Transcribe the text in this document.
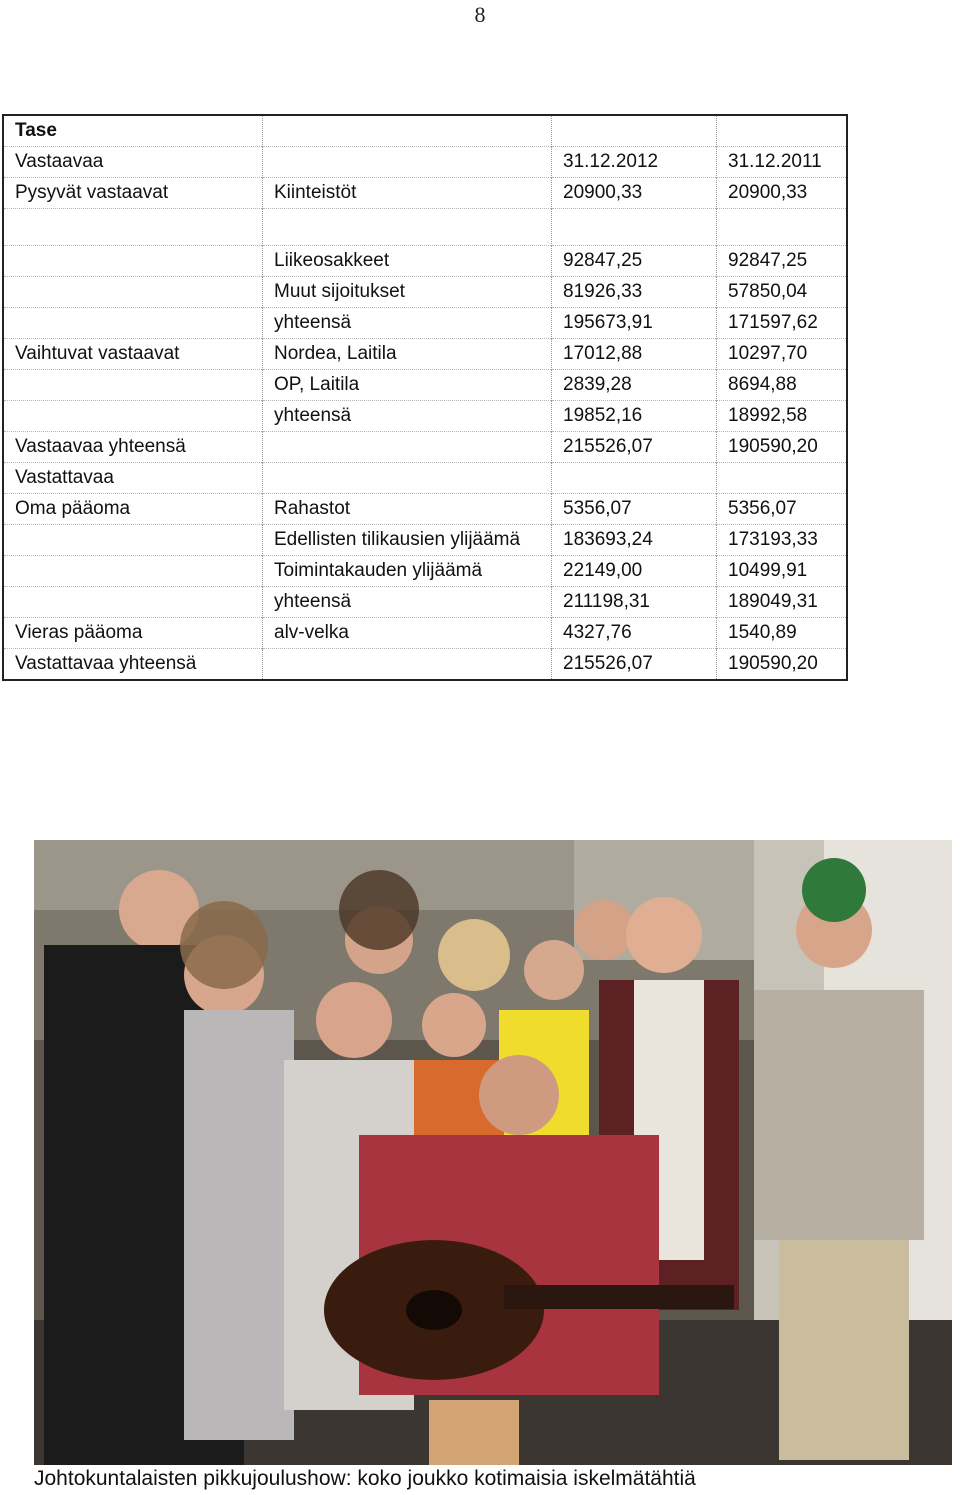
8
Tase			
Vastaavaa		31.12.2012	31.12.2011
Pysyvät vastaavat	Kiinteistöt	20900,33	20900,33

	Liikeosakkeet	92847,25	92847,25
	Muut sijoitukset	81926,33	57850,04
	yhteensä	195673,91	171597,62
Vaihtuvat vastaavat	Nordea, Laitila	17012,88	10297,70
	OP, Laitila	2839,28	8694,88
	yhteensä	19852,16	18992,58
Vastaavaa yhteensä		215526,07	190590,20
Vastattavaa			
Oma pääoma	Rahastot	5356,07	5356,07
	Edellisten tilikausien ylijäämä	183693,24	173193,33
	Toimintakauden ylijäämä	22149,00	10499,91
	yhteensä	211198,31	189049,31
Vieras pääoma	alv-velka	4327,76	1540,89
Vastattavaa yhteensä		215526,07	190590,20
Johtokuntalaisten pikkujoulushow: koko joukko kotimaisia iskelmätähtiä
